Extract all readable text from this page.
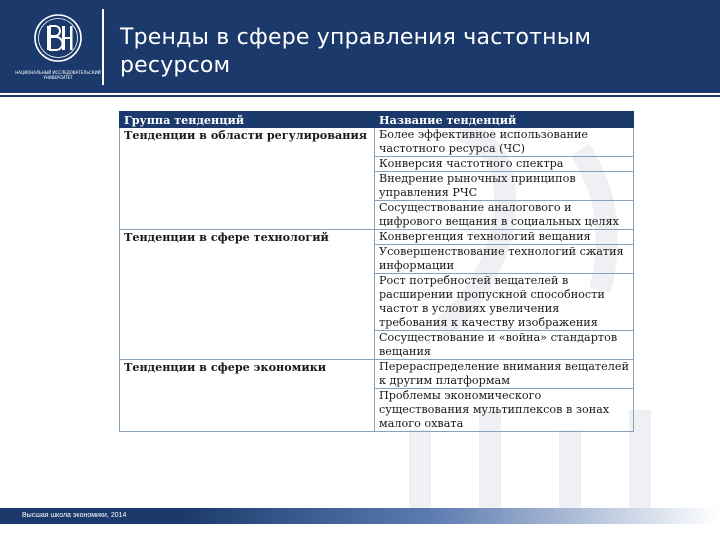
НАЦИОНАЛЬНЫЙ ИССЛЕДОВАТЕЛЬСКИЙ УНИВЕРСИТЕТ
Тренды в сфере управления частотным ресурсом
Группа тенденций	Название тенденций
Тенденции в области регулирования	Более эффективное использование частотного ресурса (ЧС)
	Конверсия частотного спектра
	Внедрение рыночных принципов управления РЧС
	Сосуществование аналогового и цифрового вещания в социальных целях
Тенденции в сфере технологий	Конвергенция технологий вещания
	Усовершенствование технологий сжатия информации
	Рост потребностей вещателей в расширении пропускной способности частот в условиях увеличения требования к качеству изображения
	Сосуществование и «война» стандартов вещания
Тенденции в сфере экономики	Перераспределение внимания вещателей к другим платформам
	Проблемы экономического существования мультиплексов в зонах малого охвата
Высшая школа экономики, 2014
